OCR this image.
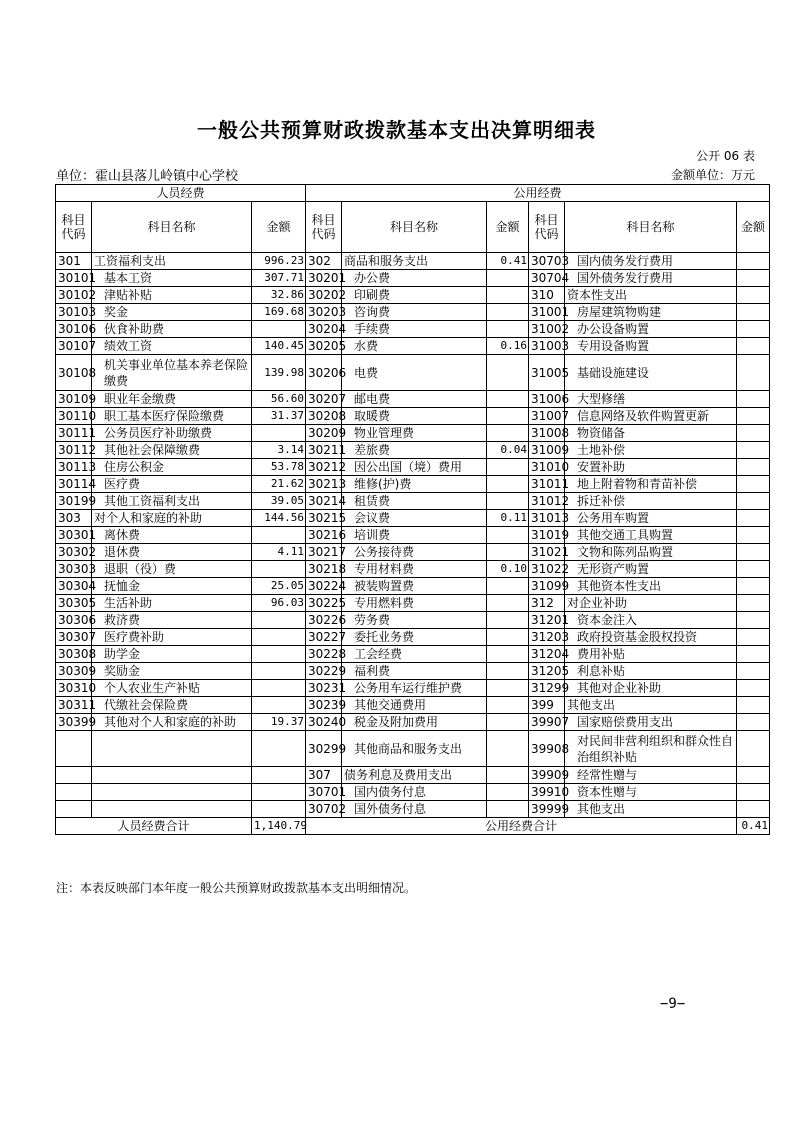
一般公共预算财政拨款基本支出决算明细表
公开 06 表
单位：霍山县落儿岭镇中心学校	金额单位：万元
人员经费			公用经费					
科目代码	科目名称	金额	科目代码	科目名称	金额	科目代码	科目名称	金额
301	工资福利支出	996.23	302	商品和服务支出	0.41	30703	国内债务发行费用	
30101	基本工资	307.71	30201	办公费		30704	国外债务发行费用	
30102	津贴补贴	32.86	30202	印刷费		310	资本性支出	
30103	奖金	169.68	30203	咨询费		31001	房屋建筑物购建	
30106	伙食补助费		30204	手续费		31002	办公设备购置	
30107	绩效工资	140.45	30205	水费	0.16	31003	专用设备购置	
30108	机关事业单位基本养老保险缴费	139.98	30206	电费		31005	基础设施建设	
30109	职业年金缴费	56.60	30207	邮电费		31006	大型修缮	
30110	职工基本医疗保险缴费	31.37	30208	取暖费		31007	信息网络及软件购置更新	
30111	公务员医疗补助缴费		30209	物业管理费		31008	物资储备	
30112	其他社会保障缴费	3.14	30211	差旅费	0.04	31009	土地补偿	
30113	住房公积金	53.78	30212	因公出国（境）费用		31010	安置补助	
30114	医疗费	21.62	30213	维修(护)费		31011	地上附着物和青苗补偿	
30199	其他工资福利支出	39.05	30214	租赁费		31012	拆迁补偿	
303	对个人和家庭的补助	144.56	30215	会议费	0.11	31013	公务用车购置	
30301	离休费		30216	培训费		31019	其他交通工具购置	
30302	退休费	4.11	30217	公务接待费		31021	文物和陈列品购置	
30303	退职（役）费		30218	专用材料费	0.10	31022	无形资产购置	
30304	抚恤金	25.05	30224	被装购置费		31099	其他资本性支出	
30305	生活补助	96.03	30225	专用燃料费		312	对企业补助	
30306	救济费		30226	劳务费		31201	资本金注入	
30307	医疗费补助		30227	委托业务费		31203	政府投资基金股权投资	
30308	助学金		30228	工会经费		31204	费用补贴	
30309	奖励金		30229	福利费		31205	利息补贴	
30310	个人农业生产补贴		30231	公务用车运行维护费		31299	其他对企业补助	
30311	代缴社会保险费		30239	其他交通费用		399	其他支出	
30399	其他对个人和家庭的补助	19.37	30240	税金及附加费用		39907	国家赔偿费用支出	
			30299	其他商品和服务支出		39908	对民间非营利组织和群众性自治组织补贴	
			307	债务利息及费用支出		39909	经常性赠与	
			30701	国内债务付息		39910	资本性赠与	
			30702	国外债务付息		39999	其他支出	
人员经费合计		1,140.79	公用经费合计					0.41
注：本表反映部门本年度一般公共预算财政拨款基本支出明细情况。
−9−
